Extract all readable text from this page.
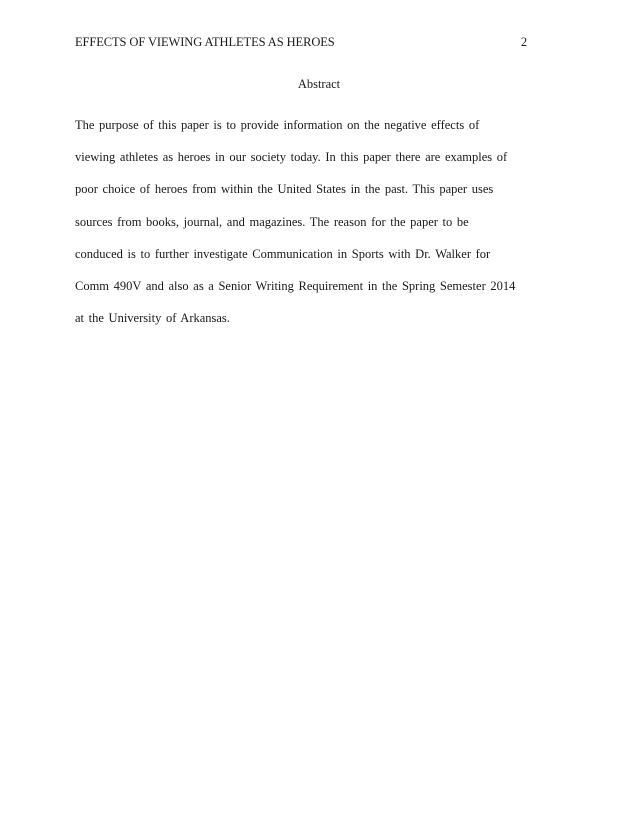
EFFECTS OF VIEWING ATHLETES AS HEROES	2
Abstract
The purpose of this paper is to provide information on the negative effects of
viewing athletes as heroes in our society today. In this paper there are examples of
poor choice of heroes from within the United States in the past. This paper uses
sources from books, journal, and magazines. The reason for the paper to be
conduced is to further investigate Communication in Sports with Dr. Walker for
Comm 490V and also as a Senior Writing Requirement in the Spring Semester 2014
at the University of Arkansas.
